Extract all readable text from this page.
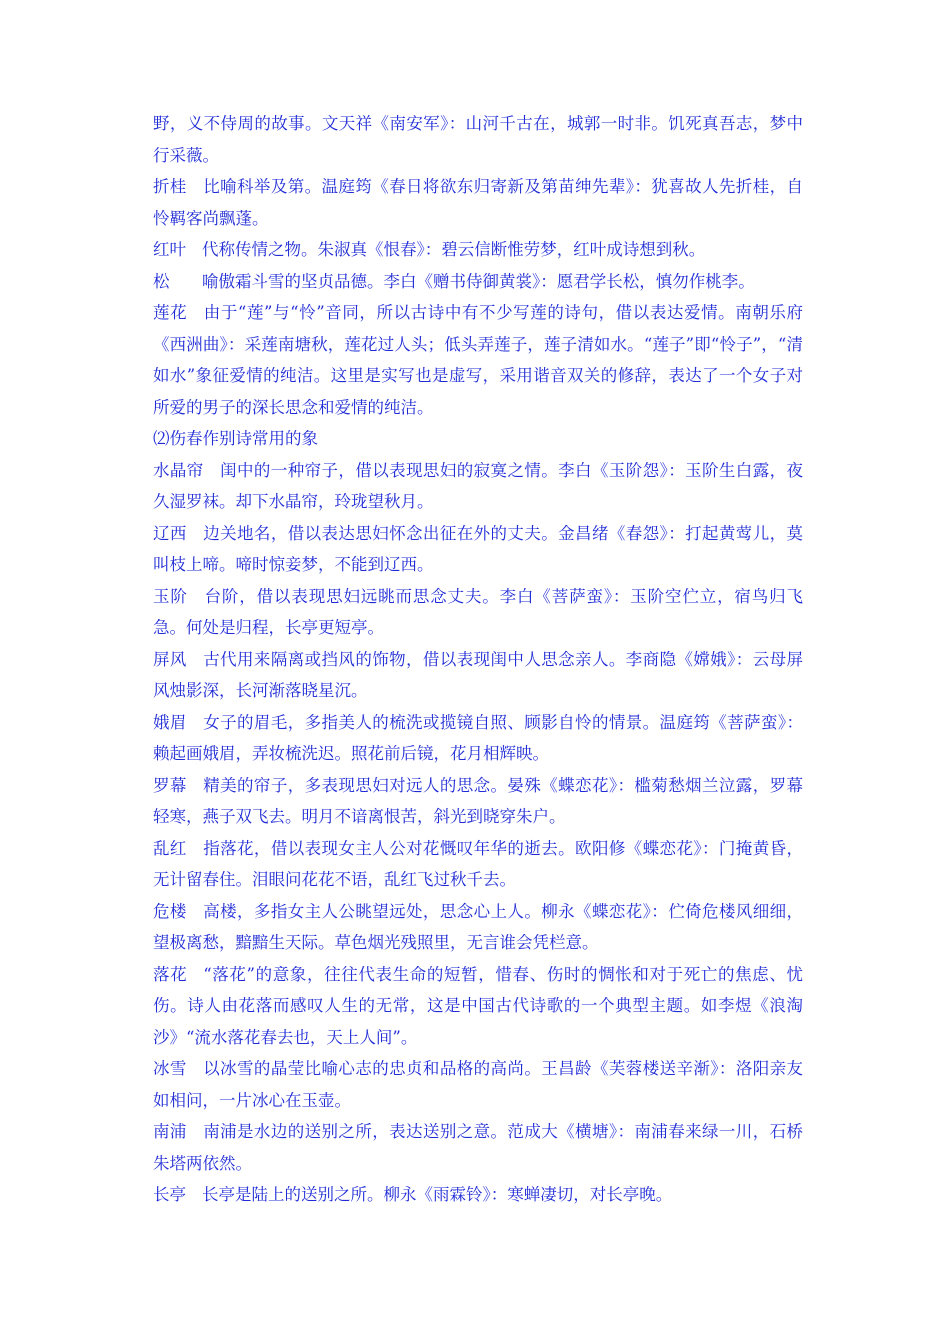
野，义不侍周的故事。文天祥《南安军》：山河千古在，城郭一时非。饥死真吾志，梦中行采薇。

折桂 比喻科举及第。温庭筠《春日将欲东归寄新及第苗绅先辈》：犹喜故人先折桂，自怜羁客尚飘蓬。

红叶 代称传情之物。朱淑真《恨春》：碧云信断惟劳梦，红叶成诗想到秋。

松　喻傲霜斗雪的坚贞品德。李白《赠书侍御黄裳》：愿君学长松，慎勿作桃李。

莲花 由于“莲”与“怜”音同，所以古诗中有不少写莲的诗句，借以表达爱情。南朝乐府《西洲曲》：采莲南塘秋，莲花过人头；低头弄莲子，莲子清如水。“莲子”即“怜子”，“清如水”象征爱情的纯洁。这里是实写也是虚写，采用谐音双关的修辞，表达了一个女子对所爱的男子的深长思念和爱情的纯洁。

⑵伤春作别诗常用的象

水晶帘 闺中的一种帘子，借以表现思妇的寂寞之情。李白《玉阶怨》：玉阶生白露，夜久湿罗袜。却下水晶帘，玲珑望秋月。

辽西 边关地名，借以表达思妇怀念出征在外的丈夫。金昌绪《春怨》：打起黄莺儿，莫叫枝上啼。啼时惊妾梦，不能到辽西。

玉阶 台阶，借以表现思妇远眺而思念丈夫。李白《菩萨蛮》：玉阶空伫立，宿鸟归飞急。何处是归程，长亭更短亭。

屏风 古代用来隔离或挡风的饰物，借以表现闺中人思念亲人。李商隐《嫦娥》：云母屏风烛影深，长河渐落晓星沉。

娥眉 女子的眉毛，多指美人的梳洗或揽镜自照、顾影自怜的情景。温庭筠《菩萨蛮》：赖起画娥眉，弄妆梳洗迟。照花前后镜，花月相辉映。

罗幕 精美的帘子，多表现思妇对远人的思念。晏殊《蝶恋花》：槛菊愁烟兰泣露，罗幕轻寒，燕子双飞去。明月不谙离恨苦，斜光到晓穿朱户。

乱红 指落花，借以表现女主人公对花慨叹年华的逝去。欧阳修《蝶恋花》：门掩黄昏，无计留春住。泪眼问花花不语，乱红飞过秋千去。

危楼 高楼，多指女主人公眺望远处，思念心上人。柳永《蝶恋花》：伫倚危楼风细细，望极离愁，黯黯生天际。草色烟光残照里，无言谁会凭栏意。

落花 “落花”的意象，往往代表生命的短暂，惜春、伤时的惆怅和对于死亡的焦虑、忧伤。诗人由花落而感叹人生的无常，这是中国古代诗歌的一个典型主题。如李煜《浪淘沙》“流水落花春去也，天上人间”。

冰雪 以冰雪的晶莹比喻心志的忠贞和品格的高尚。王昌龄《芙蓉楼送辛渐》：洛阳亲友如相问，一片冰心在玉壶。

南浦 南浦是水边的送别之所，表达送别之意。范成大《横塘》：南浦春来绿一川，石桥朱塔两依然。

长亭 长亭是陆上的送别之所。柳永《雨霖铃》：寒蝉凄切，对长亭晚。
